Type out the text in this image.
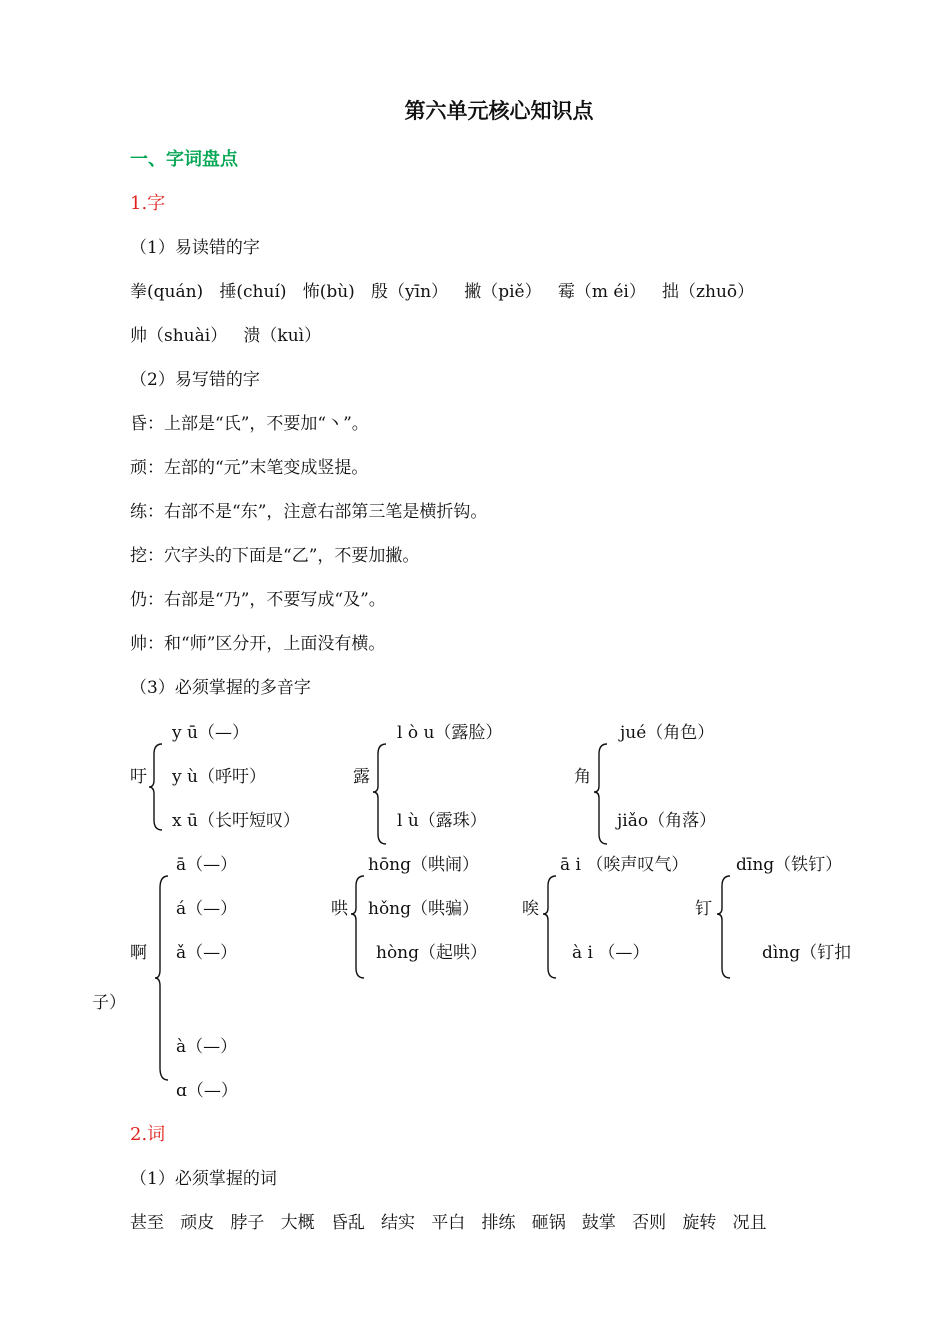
第六单元核心知识点
一、字词盘点
1.字
（1）易读错的字
拳(quán)   捶(chuí)   怖(bù)   殷（yīn）   撇（piě）   霉（m éi）   拙（zhuō）
帅（shuài）   溃（kuì）
（2）易写错的字
昏：上部是“氏”，不要加“丶”。
顽：左部的“元”末笔变成竖提。
练：右部不是“东”，注意右部第三笔是横折钩。
挖：穴字头的下面是“乙”，不要加撇。
仍：右部是“乃”，不要写成“及”。
帅：和“师”区分开，上面没有横。
（3）必须掌握的多音字
吁
y ū（—）
y ù（呼吁）
x ū（长吁短叹）
露
l ò u（露脸）
l ù（露珠）
角
jué（角色）
jiǎo（角落）
啊
ā（—）
á（—）
ǎ（—）
à（—）
ɑ（—）
哄
hōng（哄闹）
hǒng（哄骗）
hòng（起哄）
唉
ā i （唉声叹气）
à i （—）
钉
dīng（铁钉）
dìng（钉扣
子）
2.词
（1）必须掌握的词
甚至   顽皮   脖子   大概   昏乱   结实   平白   排练   砸锅   鼓掌   否则   旋转   况且
